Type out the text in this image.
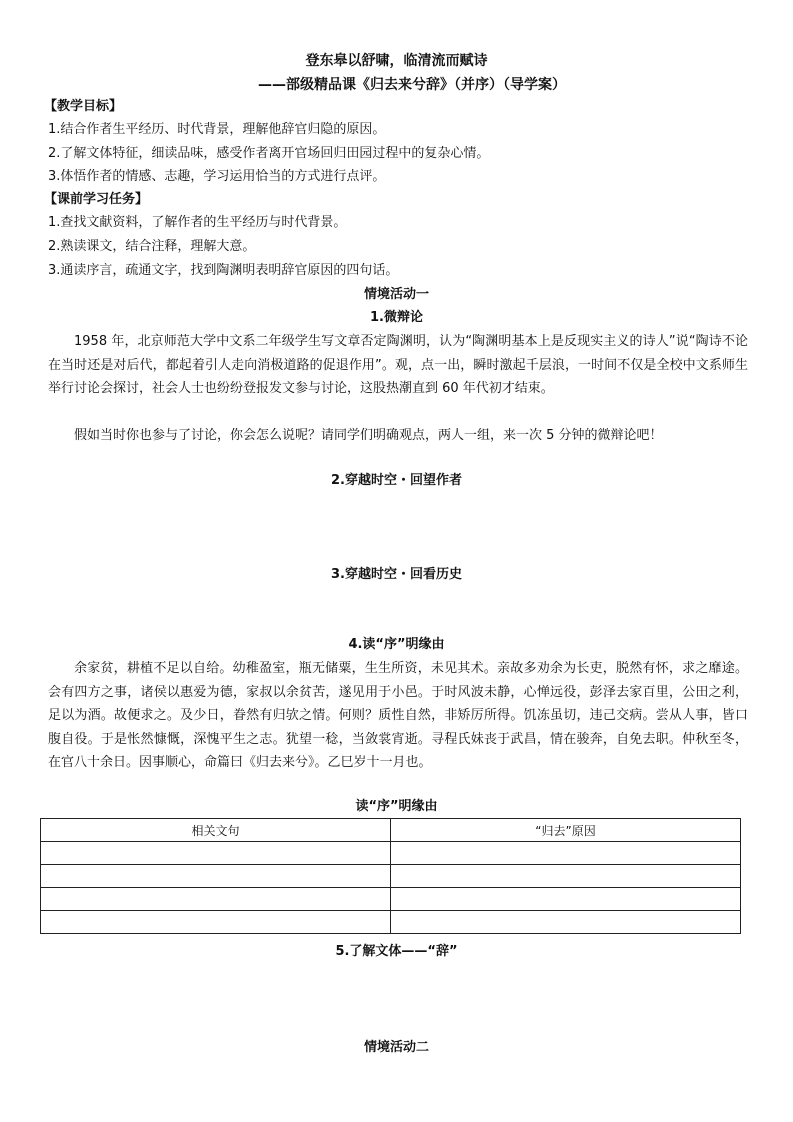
登东皋以舒啸，临清流而赋诗
——部级精品课《归去来兮辞》（并序）（导学案）
【教学目标】
1.结合作者生平经历、时代背景，理解他辞官归隐的原因。
2.了解文体特征，细读品味，感受作者离开官场回归田园过程中的复杂心情。
3.体悟作者的情感、志趣，学习运用恰当的方式进行点评。
【课前学习任务】
1.查找文献资料，了解作者的生平经历与时代背景。
2.熟读课文，结合注释，理解大意。
3.通读序言，疏通文字，找到陶渊明表明辞官原因的四句话。
情境活动一
1.微辩论

1958 年，北京师范大学中文系二年级学生写文章否定陶渊明，认为“陶渊明基本上是反现实主义的诗人”说“陶诗不论在当时还是对后代，都起着引人走向消极道路的促退作用”。观，点一出，瞬时激起千层浪，一时间不仅是全校中文系师生举行讨论会探讨，社会人士也纷纷登报发文参与讨论，这股热潮直到 60 年代初才结束。

假如当时你也参与了讨论，你会怎么说呢？请同学们明确观点，两人一组，来一次 5 分钟的微辩论吧！

2.穿越时空・回望作者
3.穿越时空・回看历史
4.读“序”明缘由

余家贫，耕植不足以自给。幼稚盈室，瓶无储粟，生生所资，未见其术。亲故多劝余为长吏，脱然有怀，求之靡途。会有四方之事，诸侯以惠爱为德，家叔以余贫苦，遂见用于小邑。于时风波未静，心惮远役，彭泽去家百里，公田之利，足以为酒。故便求之。及少日，眷然有归欤之情。何则？质性自然，非矫厉所得。饥冻虽切，违己交病。尝从人事，皆口腹自役。于是怅然慷慨，深愧平生之志。犹望一稔，当敛裳宵逝。寻程氏妹丧于武昌，情在骏奔，自免去职。仲秋至冬，在官八十余日。因事顺心，命篇曰《归去来兮》。乙巳岁十一月也。

读“序”明缘由
相关文句	“归去”原因

5.了解文体——“辞”
情境活动二
